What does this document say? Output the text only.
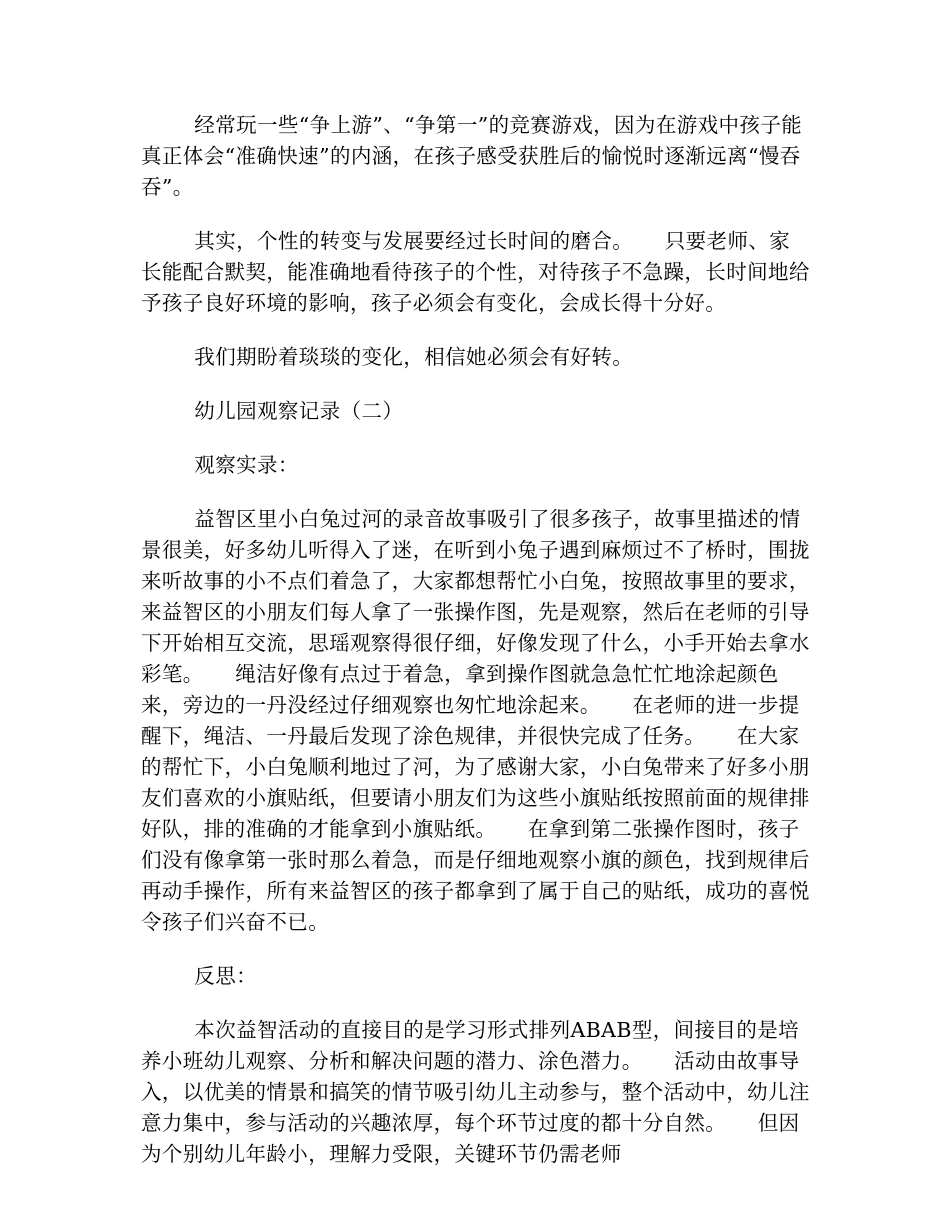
经常玩一些“争上游”、“争第一”的竞赛游戏，因为在游戏中孩子能真正体会“准确快速”的内涵，在孩子感受获胜后的愉悦时逐渐远离“慢吞吞”。

其实，个性的转变与发展要经过长时间的磨合。　　只要老师、家长能配合默契，能准确地看待孩子的个性，对待孩子不急躁，长时间地给予孩子良好环境的影响，孩子必须会有变化，会成长得十分好。

我们期盼着琰琰的变化，相信她必须会有好转。

幼儿园观察记录（二）

观察实录：

益智区里小白兔过河的录音故事吸引了很多孩子，故事里描述的情景很美，好多幼儿听得入了迷，在听到小兔子遇到麻烦过不了桥时，围拢来听故事的小不点们着急了，大家都想帮忙小白兔，按照故事里的要求，来益智区的小朋友们每人拿了一张操作图，先是观察，然后在老师的引导下开始相互交流，思瑶观察得很仔细，好像发现了什么，小手开始去拿水彩笔。　　绳洁好像有点过于着急，拿到操作图就急急忙忙地涂起颜色来，旁边的一丹没经过仔细观察也匆忙地涂起来。　　在老师的进一步提醒下，绳洁、一丹最后发现了涂色规律，并很快完成了任务。　　在大家的帮忙下，小白兔顺利地过了河，为了感谢大家，小白兔带来了好多小朋友们喜欢的小旗贴纸，但要请小朋友们为这些小旗贴纸按照前面的规律排好队，排的准确的才能拿到小旗贴纸。　　在拿到第二张操作图时，孩子们没有像拿第一张时那么着急，而是仔细地观察小旗的颜色，找到规律后再动手操作，所有来益智区的孩子都拿到了属于自己的贴纸，成功的喜悦令孩子们兴奋不已。

反思：

本次益智活动的直接目的是学习形式排列ABAB型，间接目的是培养小班幼儿观察、分析和解决问题的潜力、涂色潜力。　　活动由故事导入，以优美的情景和搞笑的情节吸引幼儿主动参与，整个活动中，幼儿注意力集中，参与活动的兴趣浓厚，每个环节过度的都十分自然。　　但因为个别幼儿年龄小，理解力受限，关键环节仍需老师
